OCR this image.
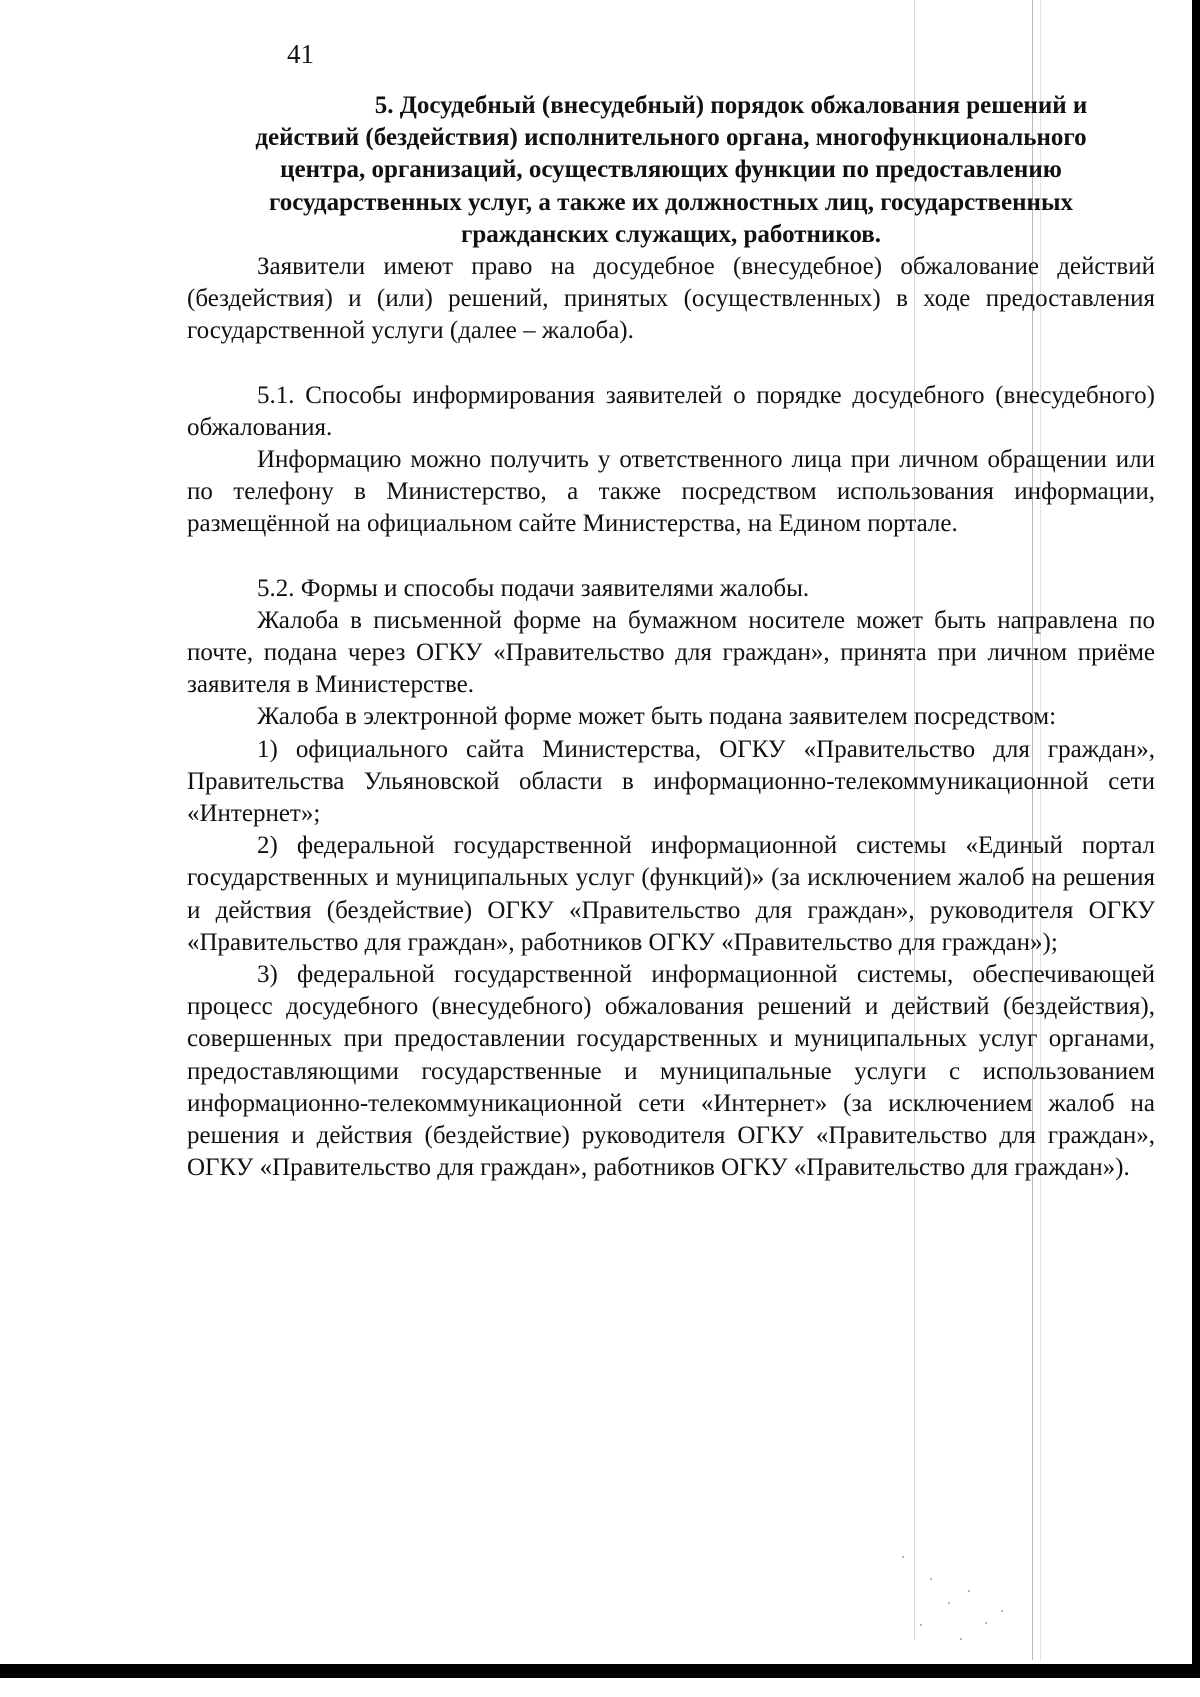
41
5. Досудебный (внесудебный) порядок обжалования решений и
действий (бездействия) исполнительного органа, многофункционального
центра, организаций, осуществляющих функции по предоставлению
государственных услуг, а также их должностных лиц, государственных
гражданских служащих, работников.

Заявители имеют право на досудебное (внесудебное) обжалование действий (бездействия) и (или) решений, принятых (осуществленных) в ходе предоставления государственной услуги (далее – жалоба).

5.1. Способы информирования заявителей о порядке досудебного (внесудебного) обжалования.

Информацию можно получить у ответственного лица при личном обращении или по телефону в Министерство, а также посредством использования информации, размещённой на официальном сайте Министерства, на Едином портале.

5.2. Формы и способы подачи заявителями жалобы.

Жалоба в письменной форме на бумажном носителе может быть направлена по почте, подана через ОГКУ «Правительство для граждан», принята при личном приёме заявителя в Министерстве.

Жалоба в электронной форме может быть подана заявителем посредством:

1) официального сайта Министерства, ОГКУ «Правительство для граждан», Правительства Ульяновской области в информационно-телекоммуникационной сети «Интернет»;

2) федеральной государственной информационной системы «Единый портал государственных и муниципальных услуг (функций)» (за исключением жалоб на решения и действия (бездействие) ОГКУ «Правительство для граждан», руководителя ОГКУ «Правительство для граждан», работников ОГКУ «Правительство для граждан»);

3) федеральной государственной информационной системы, обеспечивающей процесс досудебного (внесудебного) обжалования решений и действий (бездействия), совершенных при предоставлении государственных и муниципальных услуг органами, предоставляющими государственные и муниципальные услуги с использованием информационно-телекоммуникационной сети «Интернет» (за исключением жалоб на решения и действия (бездействие) руководителя ОГКУ «Правительство для граждан», ОГКУ «Правительство для граждан», работников ОГКУ «Правительство для граждан»).
